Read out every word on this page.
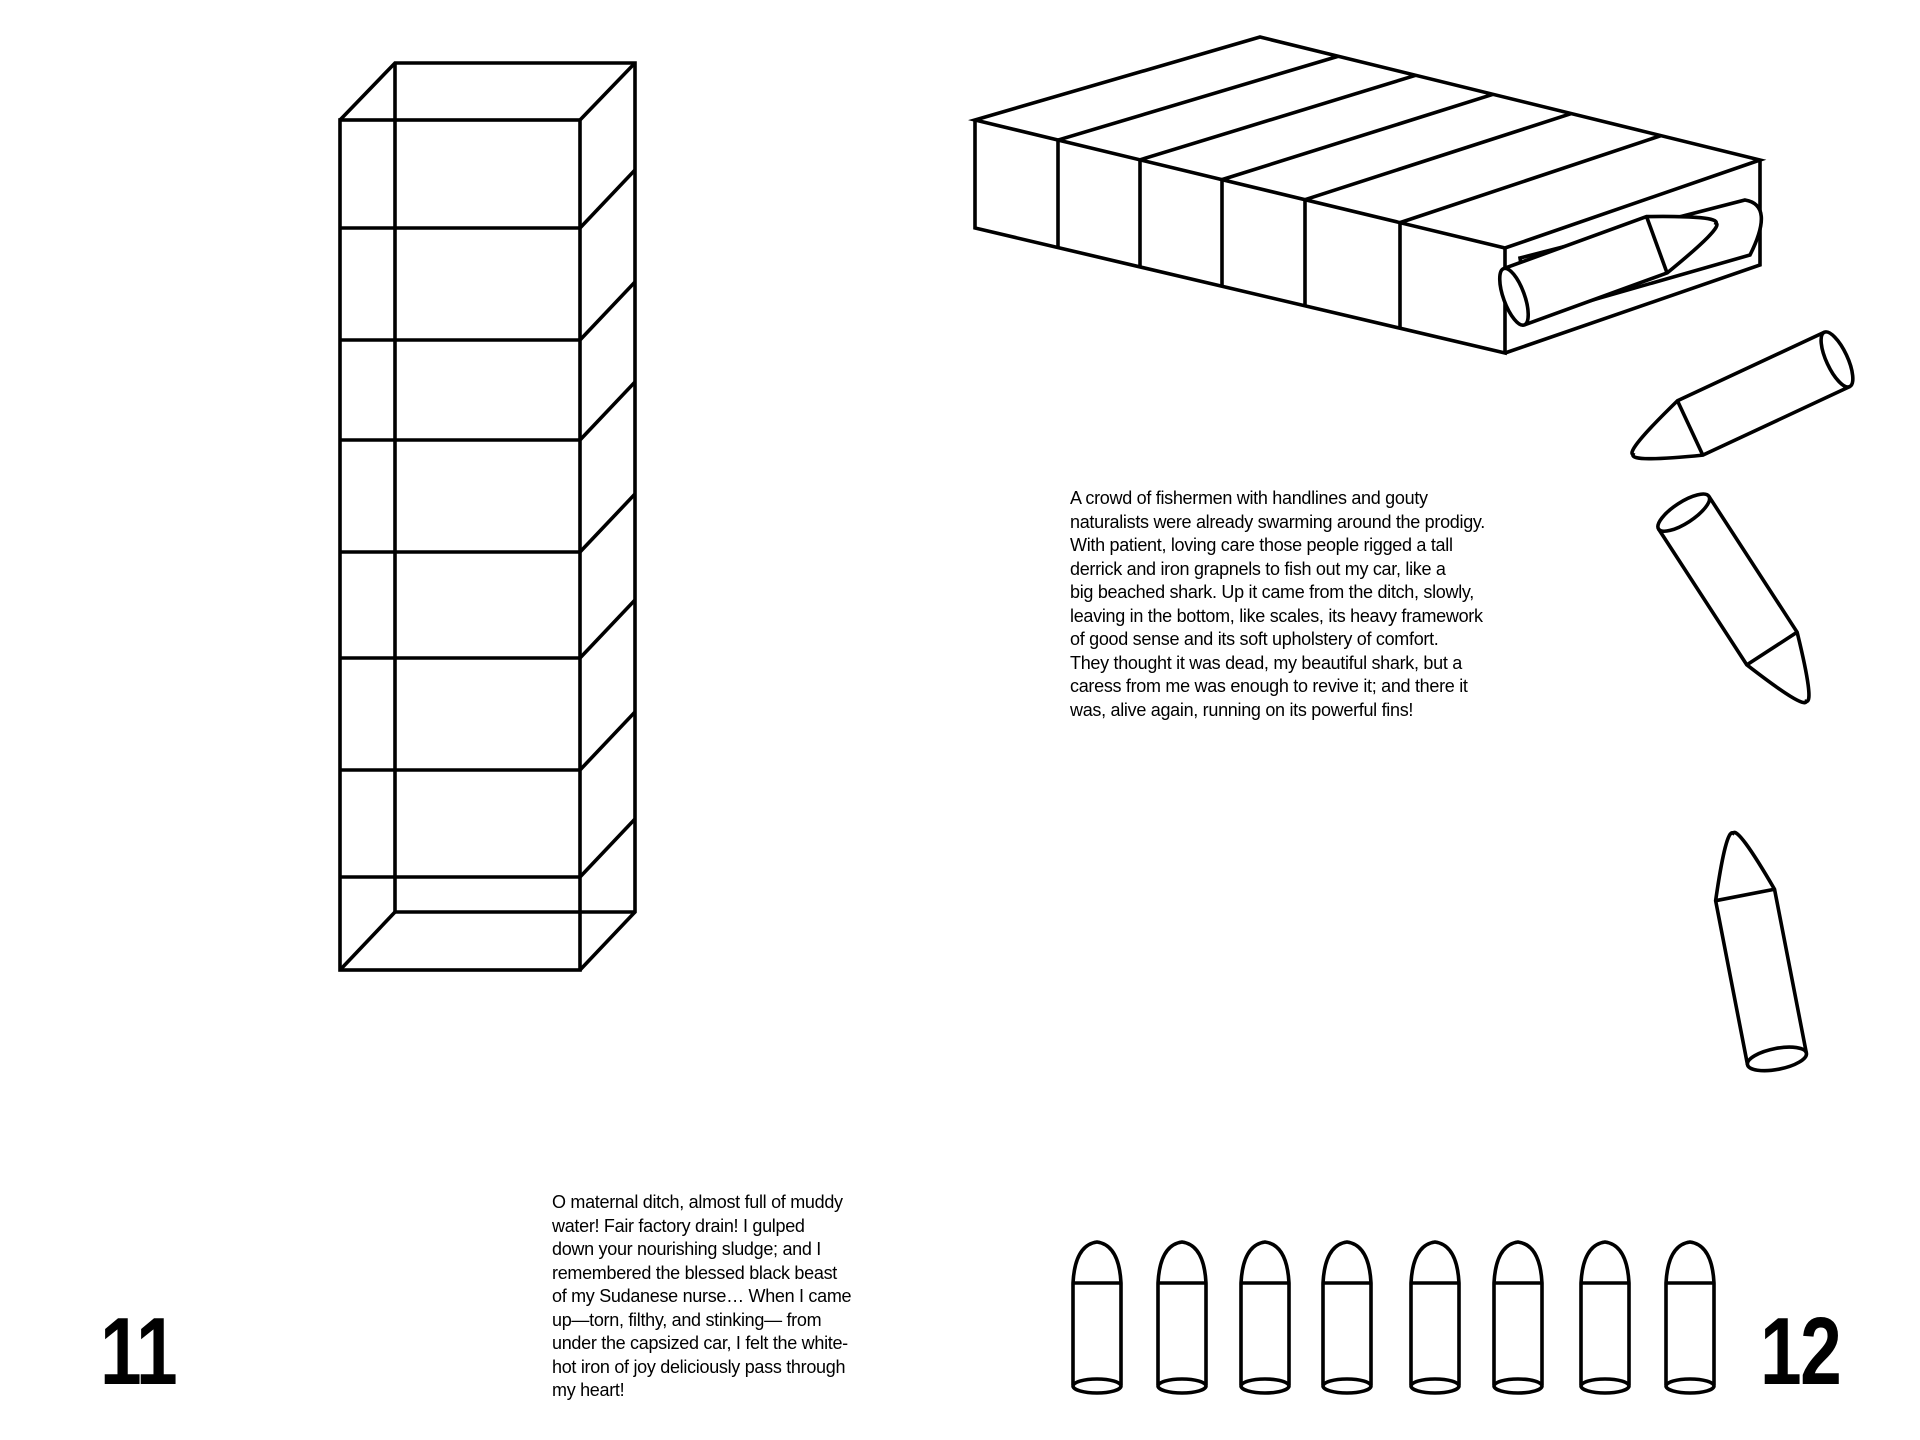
A crowd of fishermen with handlines and gouty
naturalists were already swarming around the prodigy.
With patient, loving care those people rigged a tall
derrick and iron grapnels to fish out my car, like a
big beached shark. Up it came from the ditch, slowly,
leaving in the bottom, like scales, its heavy framework
of good sense and its soft upholstery of comfort.
They thought it was dead, my beautiful shark, but a
caress from me was enough to revive it; and there it
was, alive again, running on its powerful fins!

O maternal ditch, almost full of muddy
water! Fair factory drain! I gulped
down your nourishing sludge; and I
remembered the blessed black beast
of my Sudanese nurse… When I came
up—torn, filthy, and stinking— from
under the capsized car, I felt the white-
hot iron of joy deliciously pass through
my heart!

11	12
